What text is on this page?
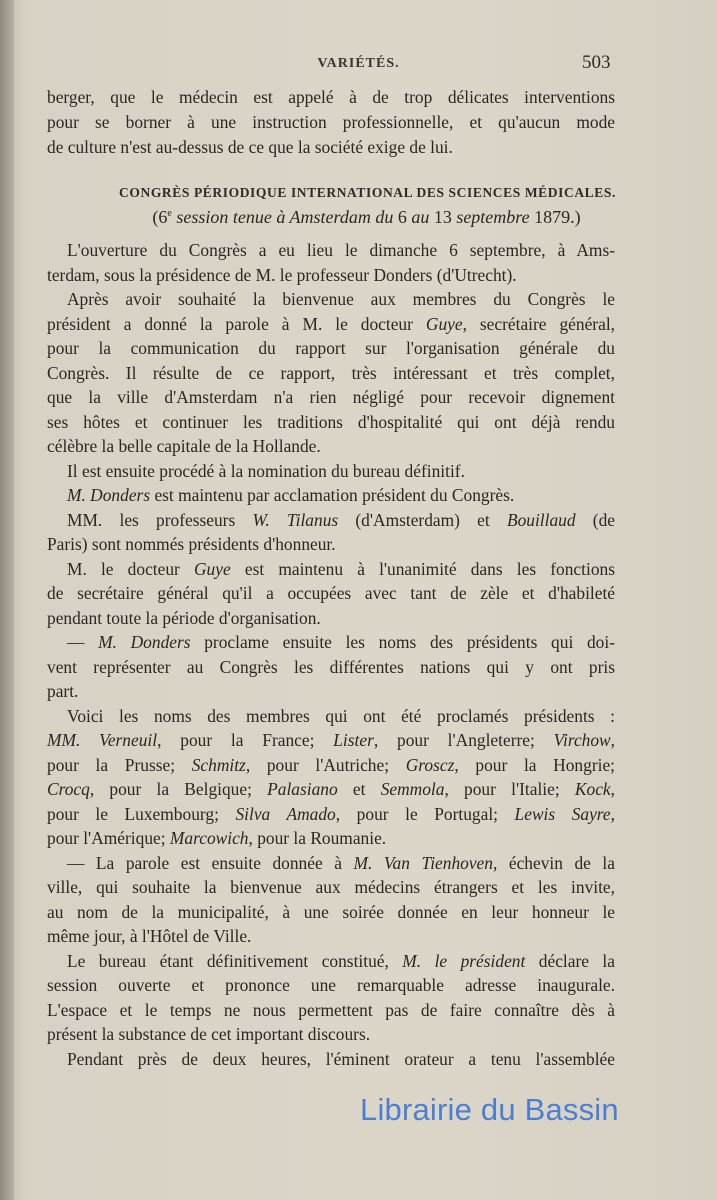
VARIÉTÉS.	503
berger, que le médecin est appelé à de trop délicates interventions
pour se borner à une instruction professionnelle, et qu'aucun mode
de culture n'est au-dessus de ce que la société exige de lui.
CONGRÈS PÉRIODIQUE INTERNATIONAL DES SCIENCES MÉDICALES.
(6e session tenue à Amsterdam du 6 au 13 septembre 1879.)
L'ouverture du Congrès a eu lieu le dimanche 6 septembre, à Ams-
terdam, sous la présidence de M. le professeur Donders (d'Utrecht).
Après avoir souhaité la bienvenue aux membres du Congrès le
président a donné la parole à M. le docteur Guye, secrétaire général,
pour la communication du rapport sur l'organisation générale du
Congrès. Il résulte de ce rapport, très intéressant et très complet,
que la ville d'Amsterdam n'a rien négligé pour recevoir dignement
ses hôtes et continuer les traditions d'hospitalité qui ont déjà rendu
célèbre la belle capitale de la Hollande.
Il est ensuite procédé à la nomination du bureau définitif.
M. Donders est maintenu par acclamation président du Congrès.
MM. les professeurs W. Tilanus (d'Amsterdam) et Bouillaud (de
Paris) sont nommés présidents d'honneur.
M. le docteur Guye est maintenu à l'unanimité dans les fonctions
de secrétaire général qu'il a occupées avec tant de zèle et d'habileté
pendant toute la période d'organisation.
— M. Donders proclame ensuite les noms des présidents qui doi-
vent représenter au Congrès les différentes nations qui y ont pris
part.
Voici les noms des membres qui ont été proclamés présidents :
MM. Verneuil, pour la France; Lister, pour l'Angleterre; Virchow,
pour la Prusse; Schmitz, pour l'Autriche; Groscz, pour la Hongrie;
Crocq, pour la Belgique; Palasiano et Semmola, pour l'Italie; Kock,
pour le Luxembourg; Silva Amado, pour le Portugal; Lewis Sayre,
pour l'Amérique; Marcowich, pour la Roumanie.
— La parole est ensuite donnée à M. Van Tienhoven, échevin de la
ville, qui souhaite la bienvenue aux médecins étrangers et les invite,
au nom de la municipalité, à une soirée donnée en leur honneur le
même jour, à l'Hôtel de Ville.
Le bureau étant définitivement constitué, M. le président déclare la
session ouverte et prononce une remarquable adresse inaugurale.
L'espace et le temps ne nous permettent pas de faire connaître dès à
présent la substance de cet important discours.
Pendant près de deux heures, l'éminent orateur a tenu l'assemblée
Librairie du Bassin
